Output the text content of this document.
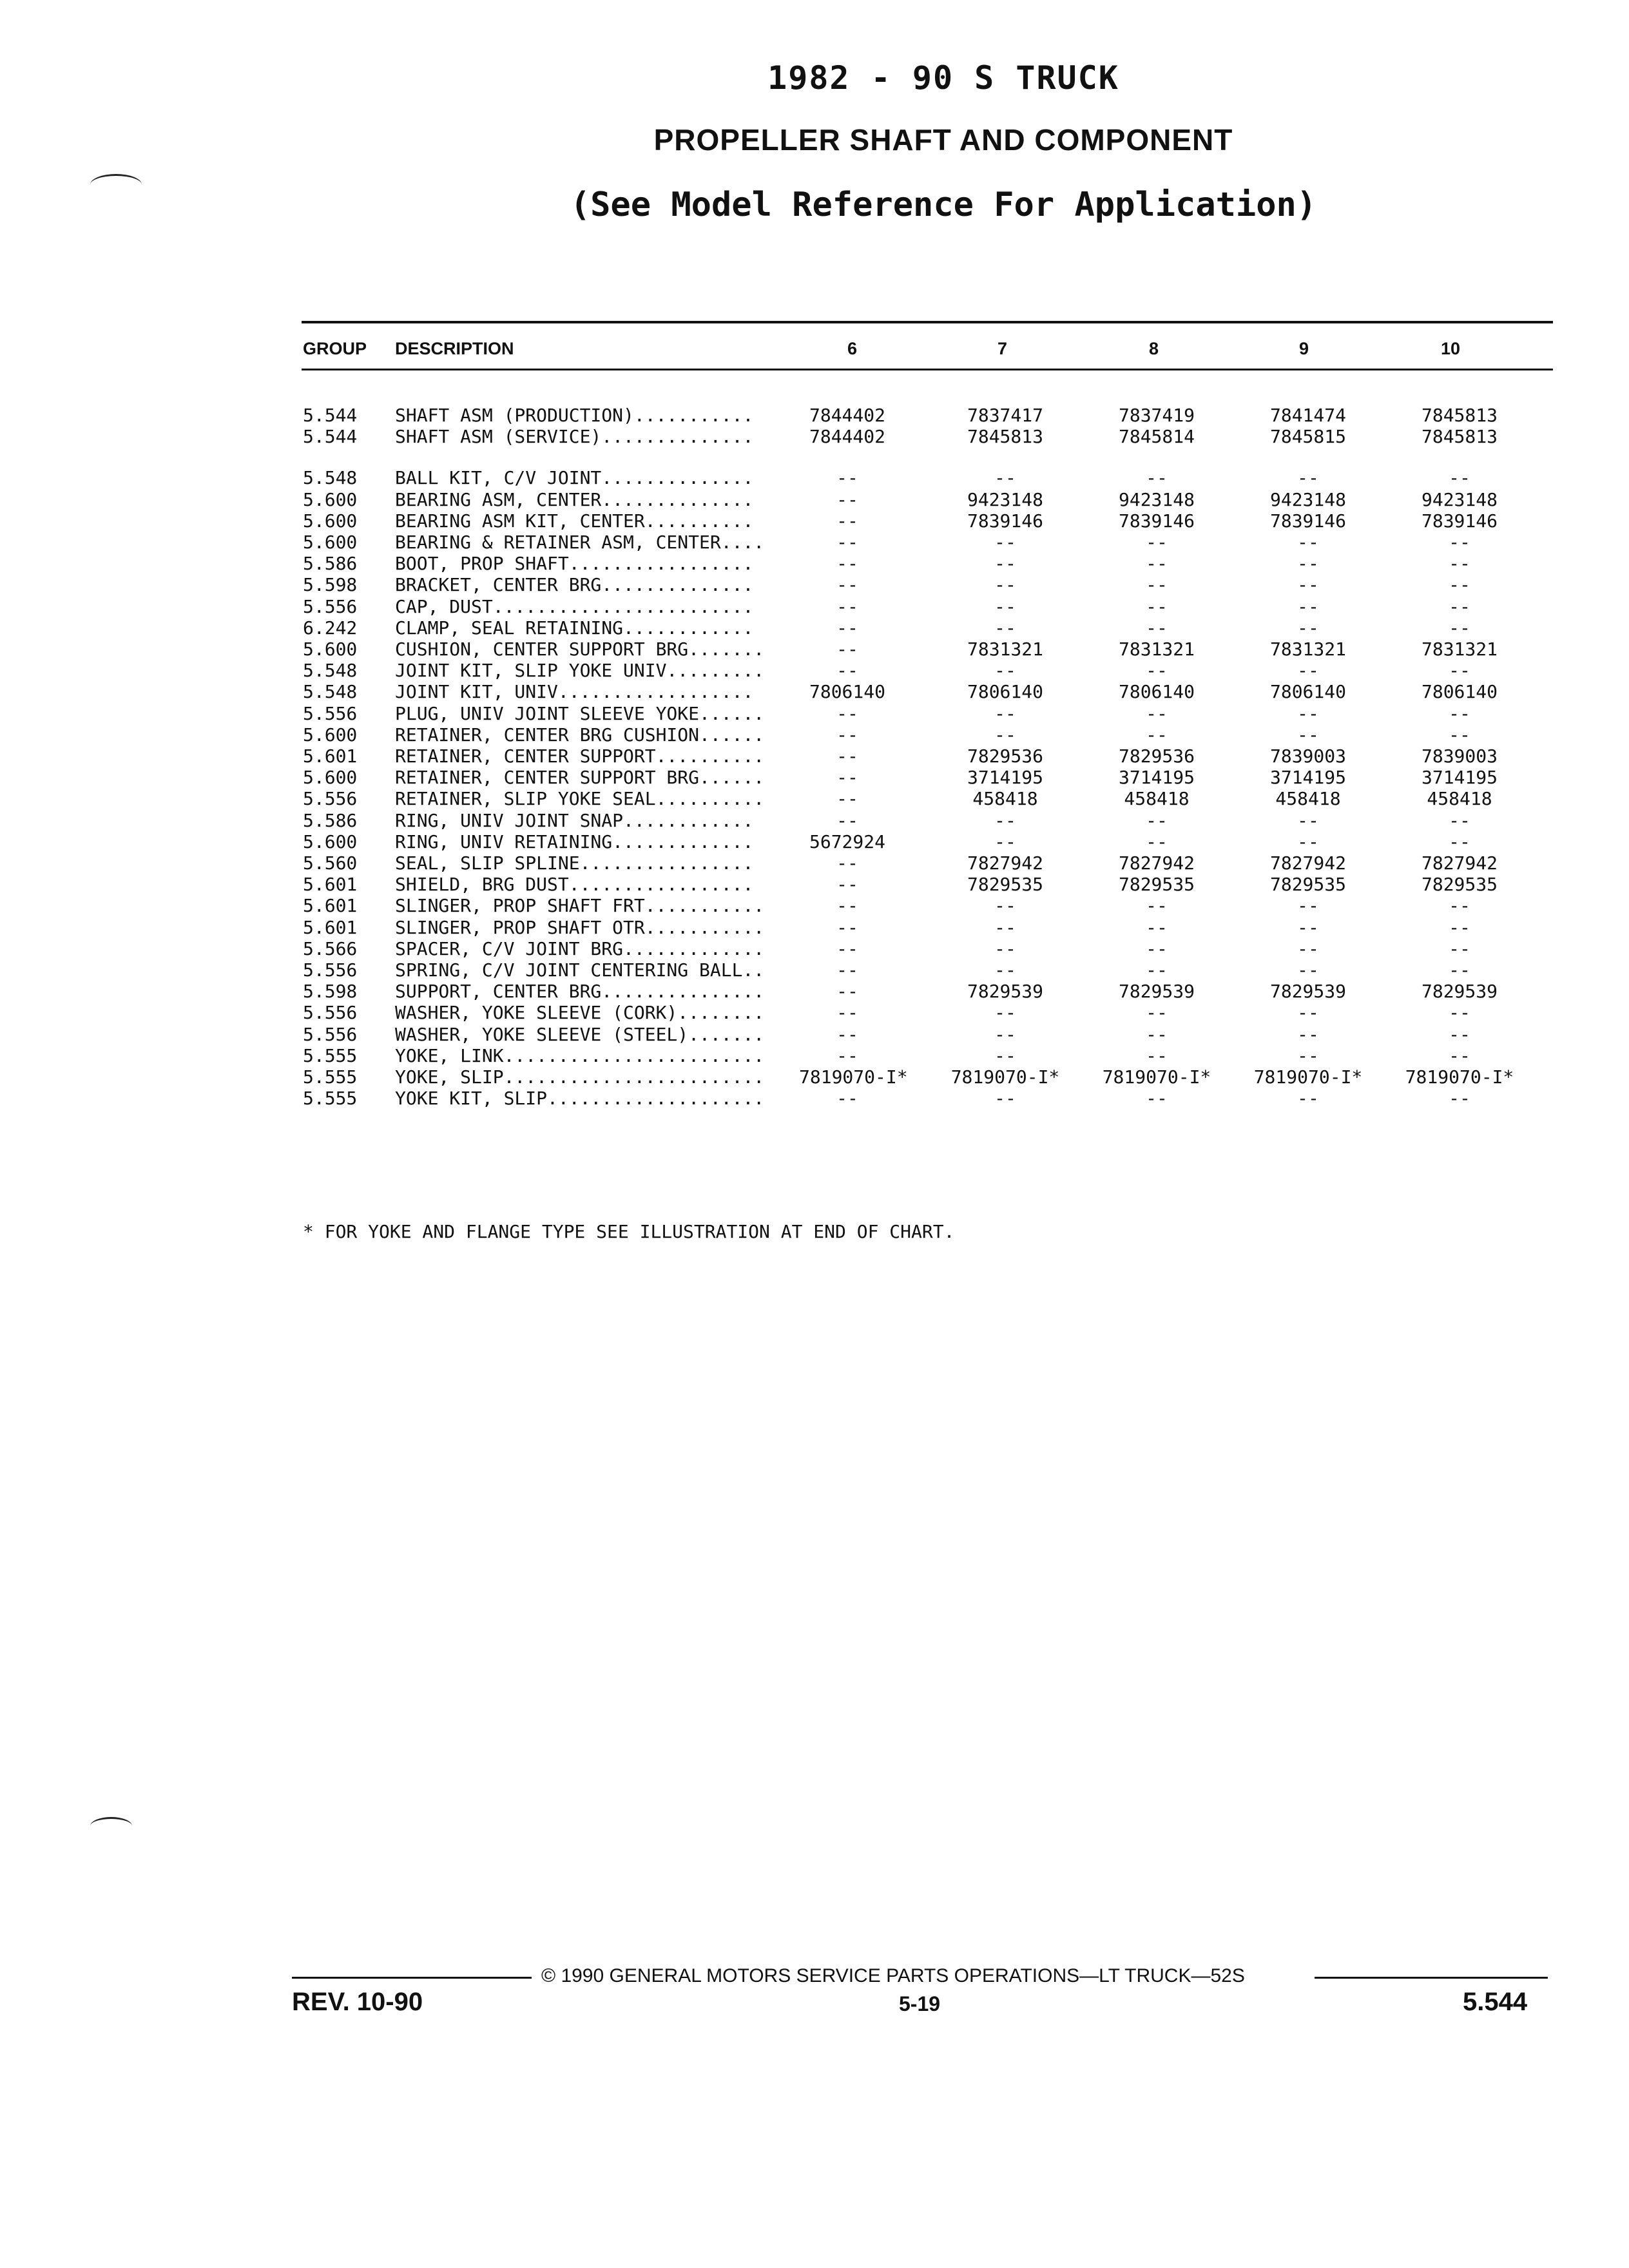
1982 - 90 S TRUCK
PROPELLER SHAFT AND COMPONENT
(See Model Reference For Application)
GROUP DESCRIPTION	6	7	8	9	10
5.544 SHAFT ASM (PRODUCTION)...........	7844402	7837417	7837419	7841474	7845813
5.544 SHAFT ASM (SERVICE)..............	7844402	7845813	7845814	7845815	7845813
5.548 BALL KIT, C/V JOINT..............	--	--	--	--	--
5.600 BEARING ASM, CENTER..............	--	9423148	9423148	9423148	9423148
5.600 BEARING ASM KIT, CENTER..........	--	7839146	7839146	7839146	7839146
5.600 BEARING & RETAINER ASM, CENTER....	--	--	--	--	--
5.586 BOOT, PROP SHAFT.................	--	--	--	--	--
5.598 BRACKET, CENTER BRG..............	--	--	--	--	--
5.556 CAP, DUST........................	--	--	--	--	--
6.242 CLAMP, SEAL RETAINING............	--	--	--	--	--
5.600 CUSHION, CENTER SUPPORT BRG.......	--	7831321	7831321	7831321	7831321
5.548 JOINT KIT, SLIP YOKE UNIV.........	--	--	--	--	--
5.548 JOINT KIT, UNIV..................	7806140	7806140	7806140	7806140	7806140
5.556 PLUG, UNIV JOINT SLEEVE YOKE......	--	--	--	--	--
5.600 RETAINER, CENTER BRG CUSHION......	--	--	--	--	--
5.601 RETAINER, CENTER SUPPORT..........	--	7829536	7829536	7839003	7839003
5.600 RETAINER, CENTER SUPPORT BRG......	--	3714195	3714195	3714195	3714195
5.556 RETAINER, SLIP YOKE SEAL..........	--	458418	458418	458418	458418
5.586 RING, UNIV JOINT SNAP............	--	--	--	--	--
5.600 RING, UNIV RETAINING.............	5672924	--	--	--	--
5.560 SEAL, SLIP SPLINE................	--	7827942	7827942	7827942	7827942
5.601 SHIELD, BRG DUST.................	--	7829535	7829535	7829535	7829535
5.601 SLINGER, PROP SHAFT FRT...........	--	--	--	--	--
5.601 SLINGER, PROP SHAFT OTR...........	--	--	--	--	--
5.566 SPACER, C/V JOINT BRG.............	--	--	--	--	--
5.556 SPRING, C/V JOINT CENTERING BALL..	--	--	--	--	--
5.598 SUPPORT, CENTER BRG...............	--	7829539	7829539	7829539	7829539
5.556 WASHER, YOKE SLEEVE (CORK)........	--	--	--	--	--
5.556 WASHER, YOKE SLEEVE (STEEL).......	--	--	--	--	--
5.555 YOKE, LINK........................	--	--	--	--	--
5.555 YOKE, SLIP........................	7819070-I* 7819070-I* 7819070-I* 7819070-I* 7819070-I*
5.555 YOKE KIT, SLIP....................	--	--	--	--	--
* FOR YOKE AND FLANGE TYPE SEE ILLUSTRATION AT END OF CHART.
© 1990 GENERAL MOTORS SERVICE PARTS OPERATIONS—LT TRUCK—52S
REV. 10-90	5-19	5.544
